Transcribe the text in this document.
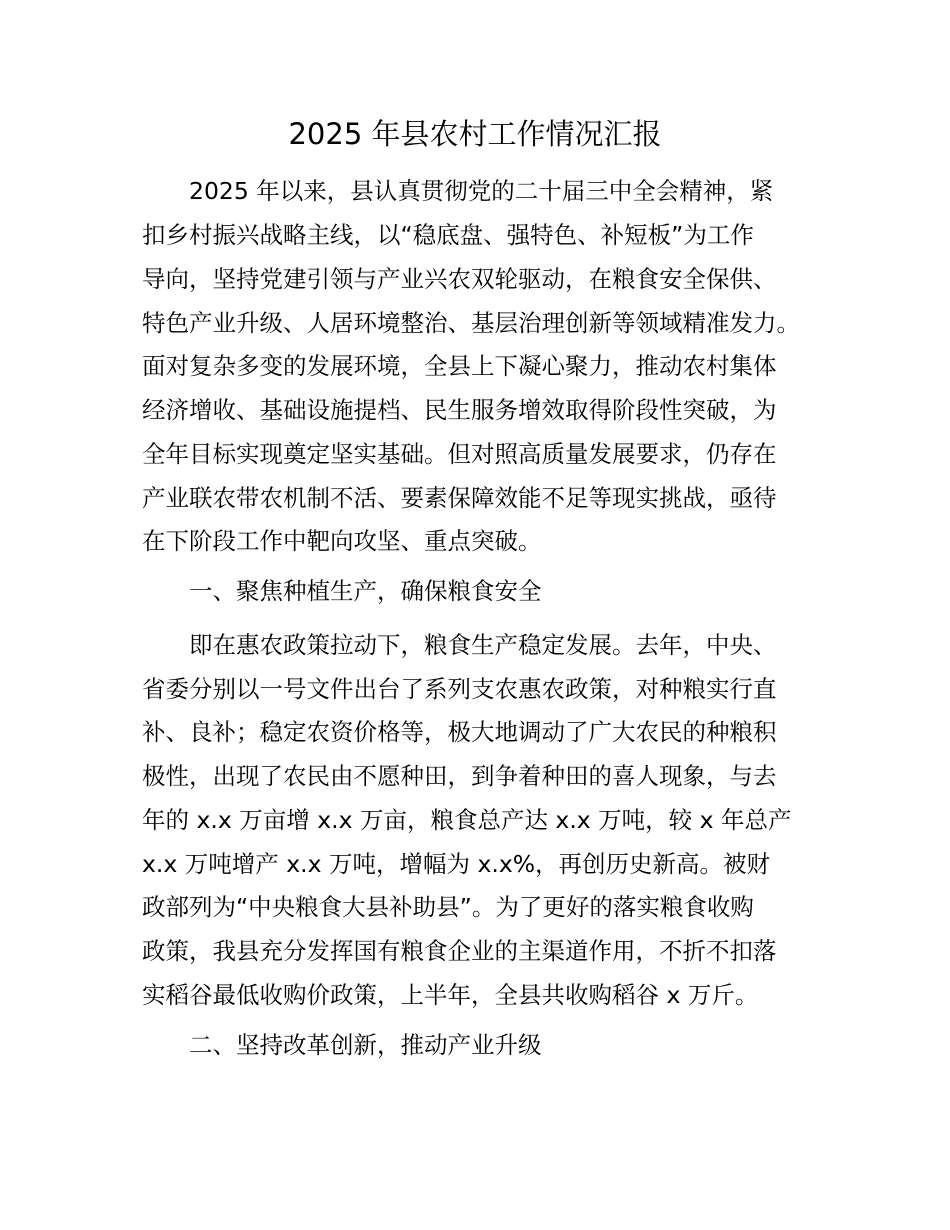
2025 年县农村工作情况汇报
2025 年以来，县认真贯彻党的二十届三中全会精神，紧
扣乡村振兴战略主线，以“稳底盘、强特色、补短板”为工作
导向，坚持党建引领与产业兴农双轮驱动，在粮食安全保供、
特色产业升级、人居环境整治、基层治理创新等领域精准发力。
面对复杂多变的发展环境，全县上下凝心聚力，推动农村集体
经济增收、基础设施提档、民生服务增效取得阶段性突破，为
全年目标实现奠定坚实基础。但对照高质量发展要求，仍存在
产业联农带农机制不活、要素保障效能不足等现实挑战，亟待
在下阶段工作中靶向攻坚、重点突破。
一、聚焦种植生产，确保粮食安全
即在惠农政策拉动下，粮食生产稳定发展。去年，中央、
省委分别以一号文件出台了系列支农惠农政策，对种粮实行直
补、良补；稳定农资价格等，极大地调动了广大农民的种粮积
极性，出现了农民由不愿种田，到争着种田的喜人现象，与去
年的 x.x 万亩增 x.x 万亩，粮食总产达 x.x 万吨，较 x 年总产
x.x 万吨增产 x.x 万吨，增幅为 x.x%，再创历史新高。被财
政部列为“中央粮食大县补助县”。为了更好的落实粮食收购
政策，我县充分发挥国有粮食企业的主渠道作用，不折不扣落
实稻谷最低收购价政策，上半年，全县共收购稻谷 x 万斤。
二、坚持改革创新，推动产业升级
